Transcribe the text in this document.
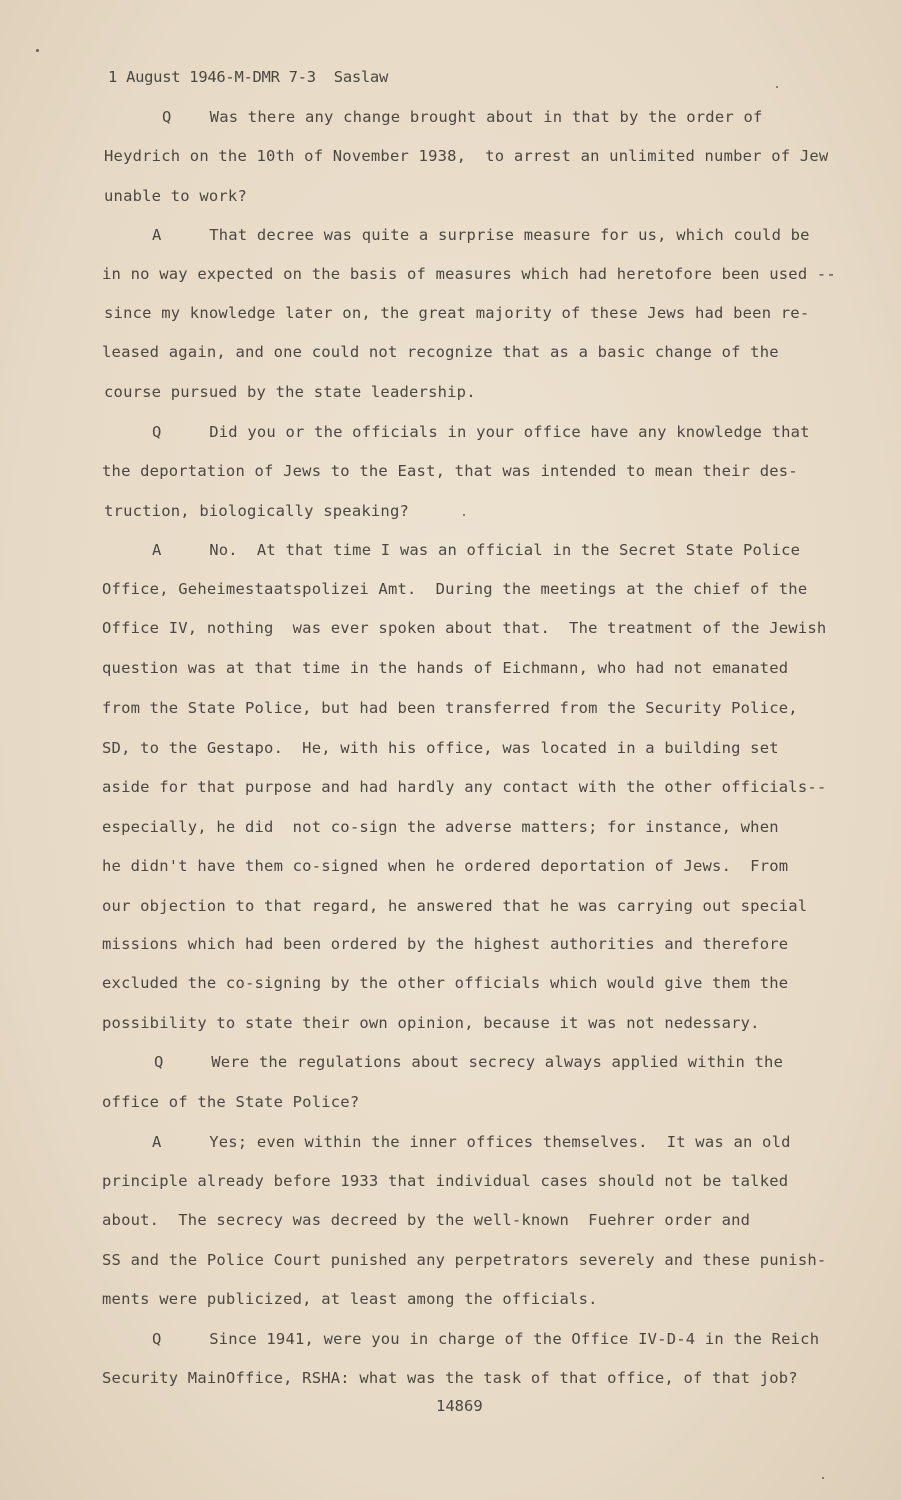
1 August 1946-M-DMR 7-3  Saslaw
Q    Was there any change brought about in that by the order of
Heydrich on the 10th of November 1938,  to arrest an unlimited number of Jew
unable to work?
A     That decree was quite a surprise measure for us, which could be
in no way expected on the basis of measures which had heretofore been used --
since my knowledge later on, the great majority of these Jews had been re-
leased again, and one could not recognize that as a basic change of the
course pursued by the state leadership.
Q     Did you or the officials in your office have any knowledge that
the deportation of Jews to the East, that was intended to mean their des-
truction, biologically speaking?
A     No.  At that time I was an official in the Secret State Police
Office, Geheimestaatspolizei Amt.  During the meetings at the chief of the
Office IV, nothing  was ever spoken about that.  The treatment of the Jewish
question was at that time in the hands of Eichmann, who had not emanated
from the State Police, but had been transferred from the Security Police,
SD, to the Gestapo.  He, with his office, was located in a building set
aside for that purpose and had hardly any contact with the other officials--
especially, he did  not co-sign the adverse matters; for instance, when
he didn't have them co-signed when he ordered deportation of Jews.  From
our objection to that regard, he answered that he was carrying out special
missions which had been ordered by the highest authorities and therefore
excluded the co-signing by the other officials which would give them the
possibility to state their own opinion, because it was not nedessary.
Q     Were the regulations about secrecy always applied within the
office of the State Police?
A     Yes; even within the inner offices themselves.  It was an old
principle already before 1933 that individual cases should not be talked
about.  The secrecy was decreed by the well-known  Fuehrer order and
SS and the Police Court punished any perpetrators severely and these punish-
ments were publicized, at least among the officials.
Q     Since 1941, were you in charge of the Office IV-D-4 in the Reich
Security MainOffice, RSHA: what was the task of that office, of that job?
14869
